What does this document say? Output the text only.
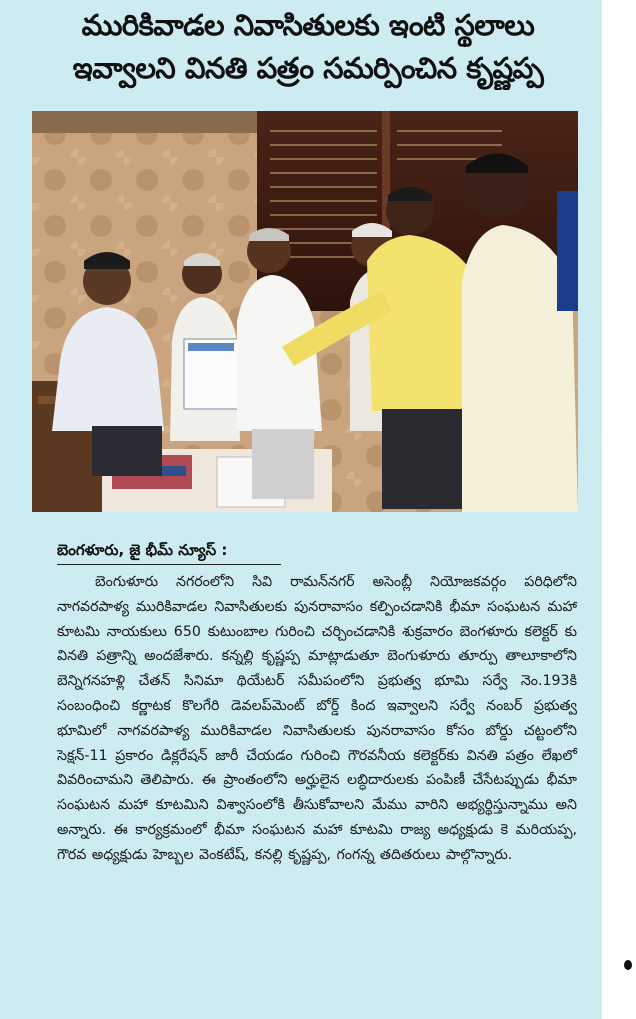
మురికివాడల నివాసితులకు ఇంటి స్థలాలు
ఇవ్వాలని వినతి పత్రం సమర్పించిన కృష్ణప్ప
బెంగళూరు, జై భీమ్ న్యూస్ :
బెంగుళూరు నగరంలోని సివి రామన్‌నగర్ అసెంబ్లీ నియోజకవర్గం పరిధిలోని నాగవరపాళ్య మురికివాడల నివాసితులకు పునరావాసం కల్పించడానికి భీమా సంఘటన మహా కూటమి నాయకులు 650 కుటుంబాల గురించి చర్చించడానికి శుక్రవారం బెంగళూరు కలెక్టర్ కు వినతి పత్రాన్ని అందజేశారు. కన్నల్లి కృష్ణప్ప మాట్లాడుతూ బెంగుళూరు తూర్పు తాలూకాలోని బెన్నిగనహళ్లి చేతన్ సినిమా థియేటర్ సమీపంలోని ప్రభుత్వ భూమి సర్వే నెం.193కి సంబంధించి కర్ణాటక కొలగేరి డెవలప్‌మెంట్ బోర్డ్ కింద ఇవ్వాలని సర్వే నంబర్ ప్రభుత్వ భూమిలో నాగవరపాళ్య మురికివాడల నివాసితులకు పునరావాసం కోసం బోర్డు చట్టంలోని సెక్షన్-11 ప్రకారం డిక్లరేషన్ జారీ చేయడం గురించి గౌరవనీయ కలెక్టర్‌కు వినతి పత్రం లేఖలో వివరించామని తెలిపారు. ఈ ప్రాంతంలోని అర్హులైన లబ్ధిదారులకు పంపిణీ చేసేటప్పుడు భీమా సంఘటన మహా కూటమిని విశ్వాసంలోకి తీసుకోవాలని మేము వారిని అభ్యర్థిస్తున్నాము అని అన్నారు. ఈ కార్యక్రమంలో భీమా సంఘటన మహా కూటమి రాజ్య అధ్యక్షుడు కె మరియప్ప, గౌరవ అధ్యక్షుడు హెబ్బల వెంకటేష్, కనల్లి కృష్ణప్ప, గంగన్న తదితరులు పాల్గొన్నారు.
